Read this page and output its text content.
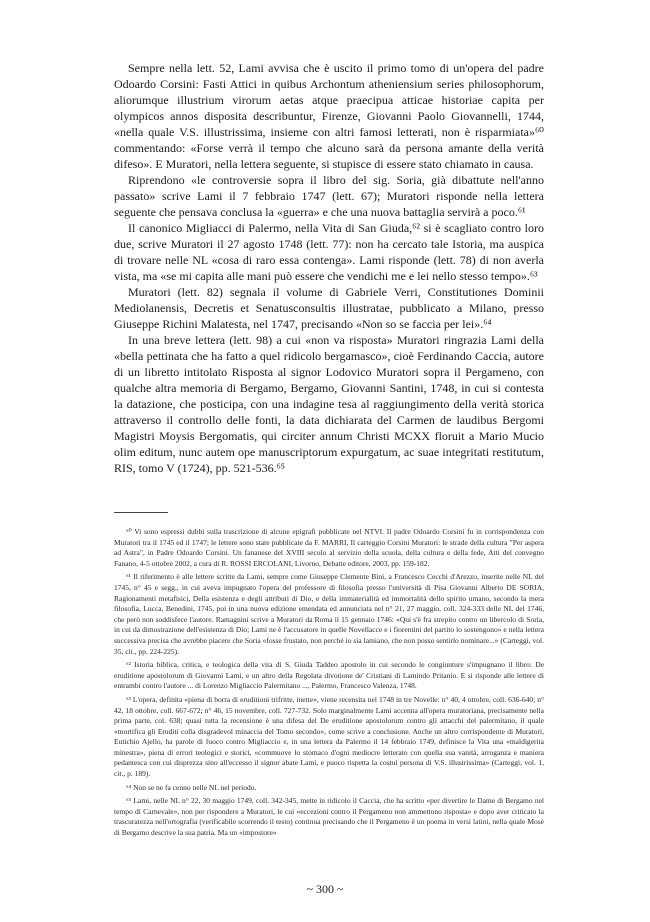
Sempre nella lett. 52, Lami avvisa che è uscito il primo tomo di un'opera del padre Odoardo Corsini: Fasti Attici in quibus Archontum atheniensium series philosophorum, aliorumque illustrium virorum aetas atque praecipua atticae historiae capita per olympicos annos disposita describuntur, Firenze, Giovanni Paolo Giovannelli, 1744, «nella quale V.S. illustrissima, insieme con altri famosi letterati, non è risparmiata»⁶⁰ commentando: «Forse verrà il tempo che alcuno sarà da persona amante della verità difeso». E Muratori, nella lettera seguente, si stupisce di essere stato chiamato in causa.

Riprendono «le controversie sopra il libro del sig. Soria, già dibattute nell'anno passato» scrive Lami il 7 febbraio 1747 (lett. 67); Muratori risponde nella lettera seguente che pensava conclusa la «guerra» e che una nuova battaglia servirà a poco.⁶¹

Il canonico Migliacci di Palermo, nella Vita di San Giuda,⁶² si è scagliato contro loro due, scrive Muratori il 27 agosto 1748 (lett. 77): non ha cercato tale Istoria, ma auspica di trovare nelle NL «cosa di raro essa contenga». Lami risponde (lett. 78) di non averla vista, ma «se mi capita alle mani può essere che vendichi me e lei nello stesso tempo».⁶³

Muratori (lett. 82) segnala il volume di Gabriele Verri, Constitutiones Dominii Mediolanensis, Decretis et Senatusconsultis illustratae, pubblicato a Milano, presso Giuseppe Richini Malatesta, nel 1747, precisando «Non so se faccia per lei».⁶⁴

In una breve lettera (lett. 98) a cui «non va risposta» Muratori ringrazia Lami della «bella pettinata che ha fatto a quel ridicolo bergamasco», cioè Ferdinando Caccia, autore di un libretto intitolato Risposta al signor Lodovico Muratori sopra il Pergameno, con qualche altra memoria di Bergamo, Bergamo, Giovanni Santini, 1748, in cui si contesta la datazione, che posticipa, con una indagine tesa al raggiungimento della verità storica attraverso il controllo delle fonti, la data dichiarata del Carmen de laudibus Bergomi Magistri Moysis Bergomatis, qui circiter annum Christi MCXX floruit a Mario Mucio olim editum, nunc autem ope manuscriptorum expurgatum, ac suae integritati restitutum, RIS, tomo V (1724), pp. 521-536.⁶⁵

⁶⁰ Vi sono espressi dubbi sulla trascrizione di alcune epigrafi pubblicate nel NTVI. Il padre Odoardo Corsini fu in corrispondenza con Muratori tra il 1745 ed il 1747; le lettere sono state pubblicate da F. MARRI, Il carteggio Corsini Muratori: le strade della cultura "Per aspera ad Astra", in Padre Odoardo Corsini. Un fananese del XVIII secolo al servizio della scuola, della cultura e della fede, Atti del convegno Fanano, 4-5 ottobre 2002, a cura di R. ROSSI ERCOLANI, Livorno, Debatte editore, 2003, pp. 159-182.

⁶¹ Il riferimento è alle lettere scritte da Lami, sempre come Giuseppe Clemente Bini, a Francesco Cecchi d'Arezzo, inserite nelle NL del 1745, n° 45 e segg., in cui aveva impugnato l'opera del professore di filosofia presso l'università di Pisa Giovanni Alberto DE SORIA, Ragionamenti metafisici, Della esistenza e degli attributi di Dio, e della immaterialità ed immortalità dello spirito umano, secondo la mera filosofia, Lucca, Benedini, 1745, poi in una nuova edizione emendata ed annunciata nel n° 21, 27 maggio, coll. 324-333 delle NL del 1746, che però non soddisfece l'autore. Ramagnini scrive a Muratori da Roma il 15 gennaio 1746: «Qui s'è fra strepito contro un libercolo di Soria, in cui da dimostrazione dell'esistenza di Dio; Lami ne è l'accusatore in quelle Novellacce e i fiorentini del partito lo sostengono» e nella lettera successiva precisa che avrebbe piacere che Soria «fosse frustato, non perché io sia lamiano, che non posso sentirlo nominare...» (Carteggi, vol. 35, cit., pp. 224-225).

⁶² Istoria biblica, critica, e teologica della vita di S. Giuda Taddeo apostolo in cui secondo le congiunture s'impugnano il libro: De eruditione apostolorum di Giovanni Lami, e un altro della Regolata divotione de' Cristiani di Lamindo Pritanio. E si risponde alle lettere di entrambi contro l'autore ... di Lorenzo Migliaccio Palermitano ..., Palermo, Francesco Valenza, 1748.

⁶³ L'opera, definita «piena di borra di eruditioni trifritte, inette», viene recensita nel 1748 in tre Novelle: n° 40, 4 ottobre, coll. 636-640; n° 42, 18 ottobre, coll. 667-672; n° 46, 15 novembre, coll. 727-732. Solo marginalmente Lami accenna all'opera muratoriana, precisamente nella prima parte, col. 638; quasi tutta la recensione è una difesa del De eruditione apostolorum contro gli attacchi del palermitano, il quale «mortifica gli Eruditi colla disgradevol minaccia del Tomo secondo», come scrive a conclusione. Anche un altro corrispondente di Muratori, Eutichio Ajello, ha parole di fuoco contro Migliaccio e, in una lettera da Palermo il 14 febbraio 1749, definisce la Vita una «maldigerita minestra», piena di errori teologici e storici, «commuove lo stomaco d'ogni mediocre letterato con quella sua vanità, arroganza e maniera pedantesca con cui disprezza sino all'eccesso il signor abate Lami, e puoco rispetta la costui persona di V.S. illustrissima» (Carteggi, vol. 1, cit., p. 189).

⁶⁴ Non se ne fa cenno nelle NL nel periodo.

⁶⁵ Lami, nelle NL n° 22, 30 maggio 1749, coll. 342-345, mette in ridicolo il Caccia, che ha scritto «per divertire le Dame di Bergamo nel tempo di Carnevale», non per rispondere a Muratori, le cui «eccezioni contro il Pergameno non ammettono risposta» e dopo aver criticato la trascuratezza nell'ortografia (verificabile scorrendo il testo) continua precisando che il Pergameno è un poema in versi latini, nella quale Mosè di Bergamo descrive la sua patria. Ma un «impostore»

~ 300 ~
